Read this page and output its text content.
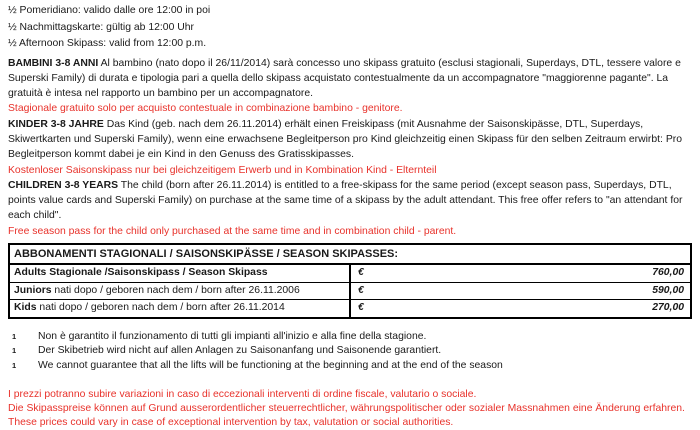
½ Pomeridiano: valido dalle ore 12:00 in poi
½ Nachmittagskarte: gültig ab 12:00 Uhr
½ Afternoon Skipass: valid from 12:00 p.m.

BAMBINI 3-8 ANNI Al bambino (nato dopo il 26/11/2014) sarà concesso uno skipass gratuito (esclusi stagionali, Superdays, DTL, tessere valore e Superski Family) di durata e tipologia pari a quella dello skipass acquistato contestualmente da un accompagnatore "maggiorenne pagante". La gratuità è intesa nel rapporto un bambino per un accompagnatore.
Stagionale gratuito solo per acquisto contestuale in combinazione bambino - genitore.

KINDER 3-8 JAHRE Das Kind (geb. nach dem 26.11.2014) erhält einen Freiskipass (mit Ausnahme der Saisonskipässe, DTL, Superdays, Skiwertkarten und Superski Family), wenn eine erwachsene Begleitperson pro Kind gleichzeitig einen Skipass für den selben Zeitraum erwirbt: Pro Begleitperson kommt dabei je ein Kind in den Genuss des Gratisskipasses.
Kostenloser Saisonskipass nur bei gleichzeitigem Erwerb und in Kombination Kind - Elternteil

CHILDREN 3-8 YEARS The child (born after 26.11.2014) is entitled to a free-skipass for the same period (except season pass, Superdays, DTL, points value cards and Superski Family) on purchase at the same time of a skipass by the adult attendant. This free offer refers to "an attendant for each child".
Free season pass for the child only purchased at the same time and in combination child - parent.

ABBONAMENTI STAGIONALI / SAISONSKIPÄSSE / SEASON SKIPASSES:	
Adults Stagionale /Saisonskipass / Season Skipass	€ 760,00

Juniors nati dopo / geboren nach dem / born after 26.11.2006	€ 590,00

Kids nati dopo / geboren nach dem / born after 26.11.2014	€ 270,00
1 Non è garantito il funzionamento di tutti gli impianti all'inizio e alla fine della stagione.
1 Der Skibetrieb wird nicht auf allen Anlagen zu Saisonanfang und Saisonende garantiert.
1 We cannot guarantee that all the lifts will be functioning at the beginning and at the end of the season
I prezzi potranno subire variazioni in caso di eccezionali interventi di ordine fiscale, valutario o sociale.
Die Skipasspreise können auf Grund ausserordentlicher steuerrechtlicher, währungspolitischer oder sozialer Massnahmen eine Änderung erfahren.
These prices could vary in case of exceptional intervention by tax, valutation or social authorities.
